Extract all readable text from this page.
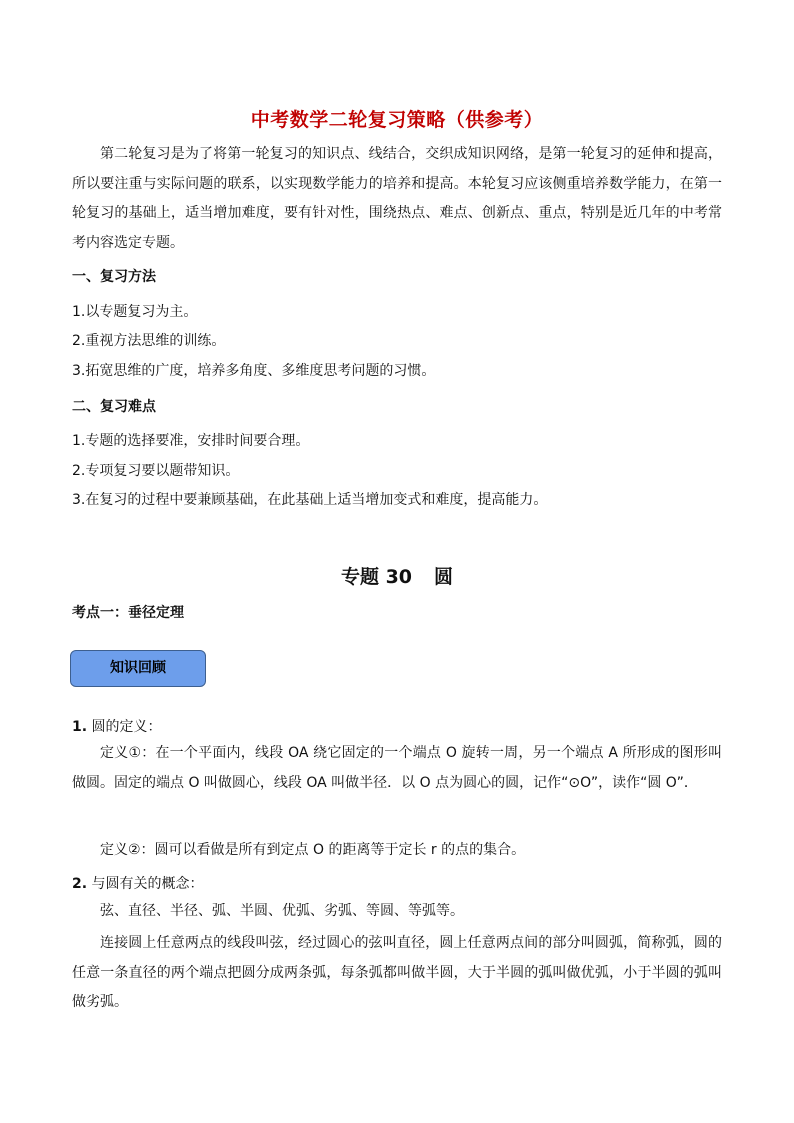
中考数学二轮复习策略（供参考）

第二轮复习是为了将第一轮复习的知识点、线结合，交织成知识网络，是第一轮复习的延伸和提高，所以要注重与实际问题的联系，以实现数学能力的培养和提高。本轮复习应该侧重培养数学能力，在第一轮复习的基础上，适当增加难度，要有针对性，围绕热点、难点、创新点、重点，特别是近几年的中考常考内容选定专题。

一、复习方法
1.以专题复习为主。
2.重视方法思维的训练。
3.拓宽思维的广度，培养多角度、多维度思考问题的习惯。
二、复习难点
1.专题的选择要准，安排时间要合理。
2.专项复习要以题带知识。
3.在复习的过程中要兼顾基础，在此基础上适当增加变式和难度，提高能力。
专题 30 圆
考点一：垂径定理
知识回顾
1. 圆的定义：

定义①：在一个平面内，线段 OA 绕它固定的一个端点 O 旋转一周，另一个端点 A 所形成的图形叫做圆。固定的端点 O 叫做圆心，线段 OA 叫做半径．以 O 点为圆心的圆，记作“⊙O”，读作“圆 O”．

定义②：圆可以看做是所有到定点 O 的距离等于定长 r 的点的集合。

2. 与圆有关的概念：

弦、直径、半径、弧、半圆、优弧、劣弧、等圆、等弧等。

连接圆上任意两点的线段叫弦，经过圆心的弦叫直径，圆上任意两点间的部分叫圆弧，简称弧，圆的任意一条直径的两个端点把圆分成两条弧，每条弧都叫做半圆，大于半圆的弧叫做优弧，小于半圆的弧叫做劣弧。
